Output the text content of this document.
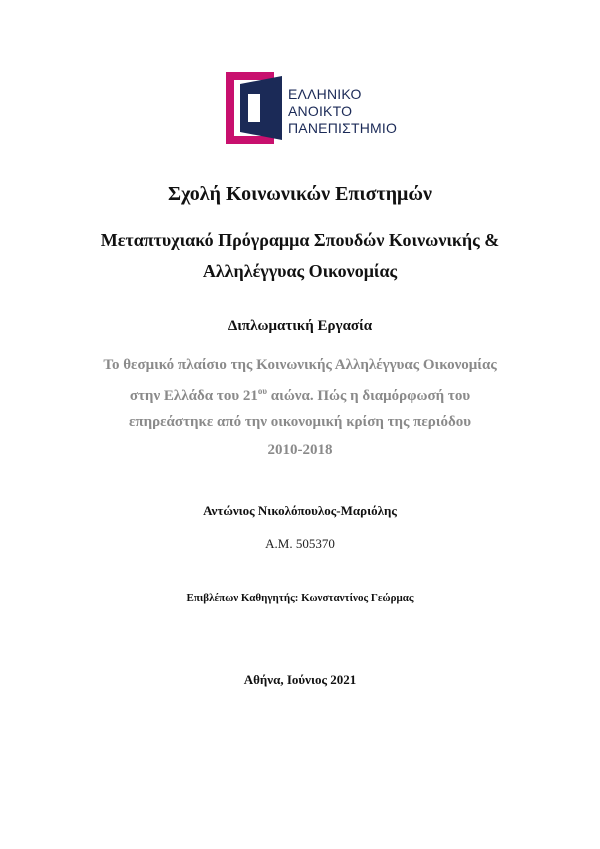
ΕΛΛΗΝΙΚΟ
ΑΝΟΙΚΤΟ
ΠΑΝΕΠΙΣΤΗΜΙΟ
Σχολή Κοινωνικών Επιστημών
Μεταπτυχιακό Πρόγραμμα Σπουδών Κοινωνικής &
Αλληλέγγυας Οικονομίας
Διπλωματική Εργασία
Το θεσμικό πλαίσιο της Κοινωνικής Αλληλέγγυας Οικονομίας
στην Ελλάδα του $21^{o\upsilon}$ αιώνα. Πώς η διαμόρφωσή του
επηρεάστηκε από την οικονομική κρίση της περιόδου
2010-2018
Αντώνιος Νικολόπουλος-Μαριόλης
Α.Μ. 505370
Επιβλέπων Καθηγητής: Κωνσταντίνος Γεώρμας
Αθήνα, Ιούνιος 2021
